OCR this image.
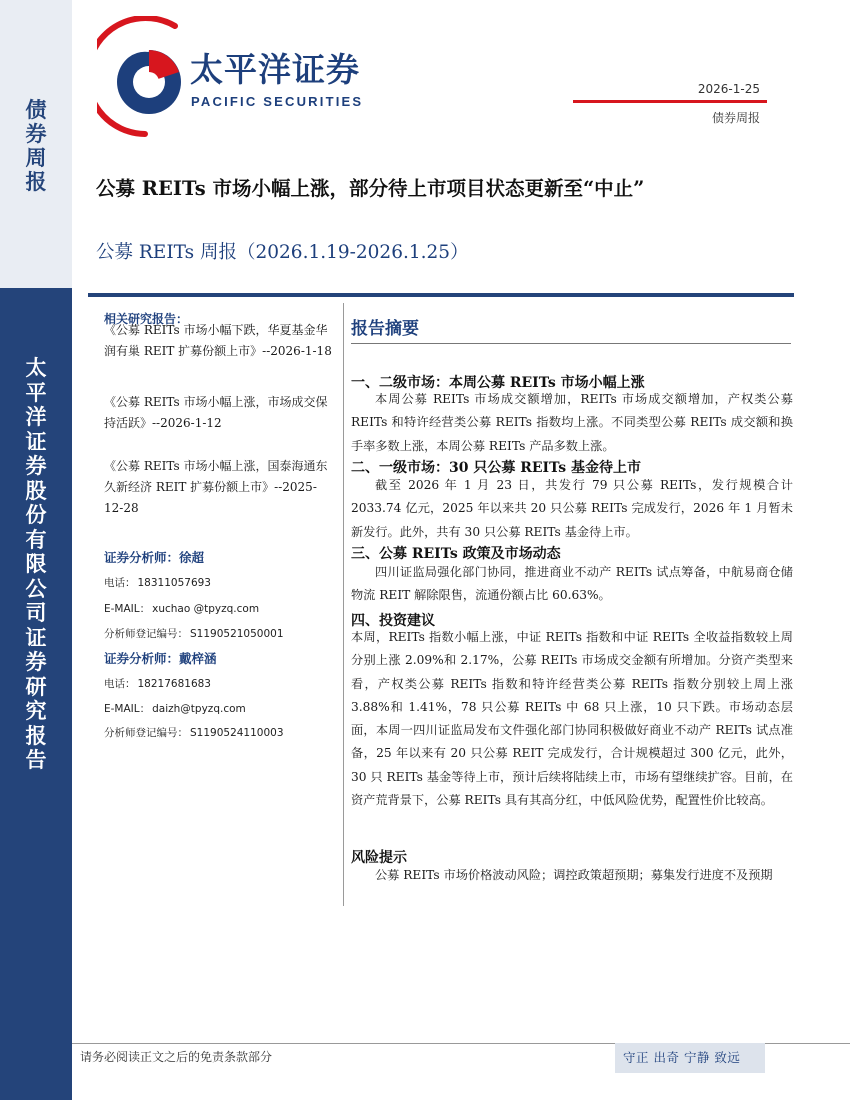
债券周报
太平洋证券股份有限公司证券研究报告
太平洋证券
PACIFIC SECURITIES
2026-1-25
债券周报
公募 REITs 市场小幅上涨，部分待上市项目状态更新至“中止”
公募 REITs 周报（2026.1.19-2026.1.25）
相关研究报告：
《公募 REITs 市场小幅下跌，华夏基金华润有巢 REIT 扩募份额上市》--2026-1-18
《公募 REITs 市场小幅上涨，市场成交保持活跃》--2026-1-12
《公募 REITs 市场小幅上涨，国泰海通东久新经济 REIT 扩募份额上市》--2025-12-28
证券分析师：徐超
电话： 18311057693
E-MAIL： xuchao @tpyzq.com
分析师登记编号： S1190521050001
证券分析师：戴梓涵
电话： 18217681683
E-MAIL： daizh@tpyzq.com
分析师登记编号： S1190524110003
报告摘要
一、二级市场：本周公募 REITs 市场小幅上涨
本周公募 REITs 市场成交额增加，REITs 市场成交额增加，产权类公募 REITs 和特许经营类公募 REITs 指数均上涨。不同类型公募 REITs 成交额和换手率多数上涨，本周公募 REITs 产品多数上涨。
二、一级市场：30 只公募 REITs 基金待上市
截至 2026 年 1 月 23 日，共发行 79 只公募 REITs，发行规模合计 2033.74 亿元，2025 年以来共 20 只公募 REITs 完成发行，2026 年 1 月暂未新发行。此外，共有 30 只公募 REITs 基金待上市。
三、公募 REITs 政策及市场动态
四川证监局强化部门协同，推进商业不动产 REITs 试点筹备，中航易商仓储物流 REIT 解除限售，流通份额占比 60.63%。
四、投资建议
本周，REITs 指数小幅上涨，中证 REITs 指数和中证 REITs 全收益指数较上周分别上涨 2.09%和 2.17%，公募 REITs 市场成交金额有所增加。分资产类型来看，产权类公募 REITs 指数和特许经营类公募 REITs 指数分别较上周上涨 3.88%和 1.41%，78 只公募 REITs 中 68 只上涨，10 只下跌。市场动态层面，本周一四川证监局发布文件强化部门协同积极做好商业不动产 REITs 试点准备，25 年以来有 20 只公募 REIT 完成发行，合计规模超过 300 亿元，此外，30 只 REITs 基金等待上市，预计后续将陆续上市，市场有望继续扩容。目前，在资产荒背景下，公募 REITs 具有其高分红，中低风险优势，配置性价比较高。
风险提示
公募 REITs 市场价格波动风险；调控政策超预期；募集发行进度不及预期
请务必阅读正文之后的免责条款部分	守正 出奇 宁静 致远
